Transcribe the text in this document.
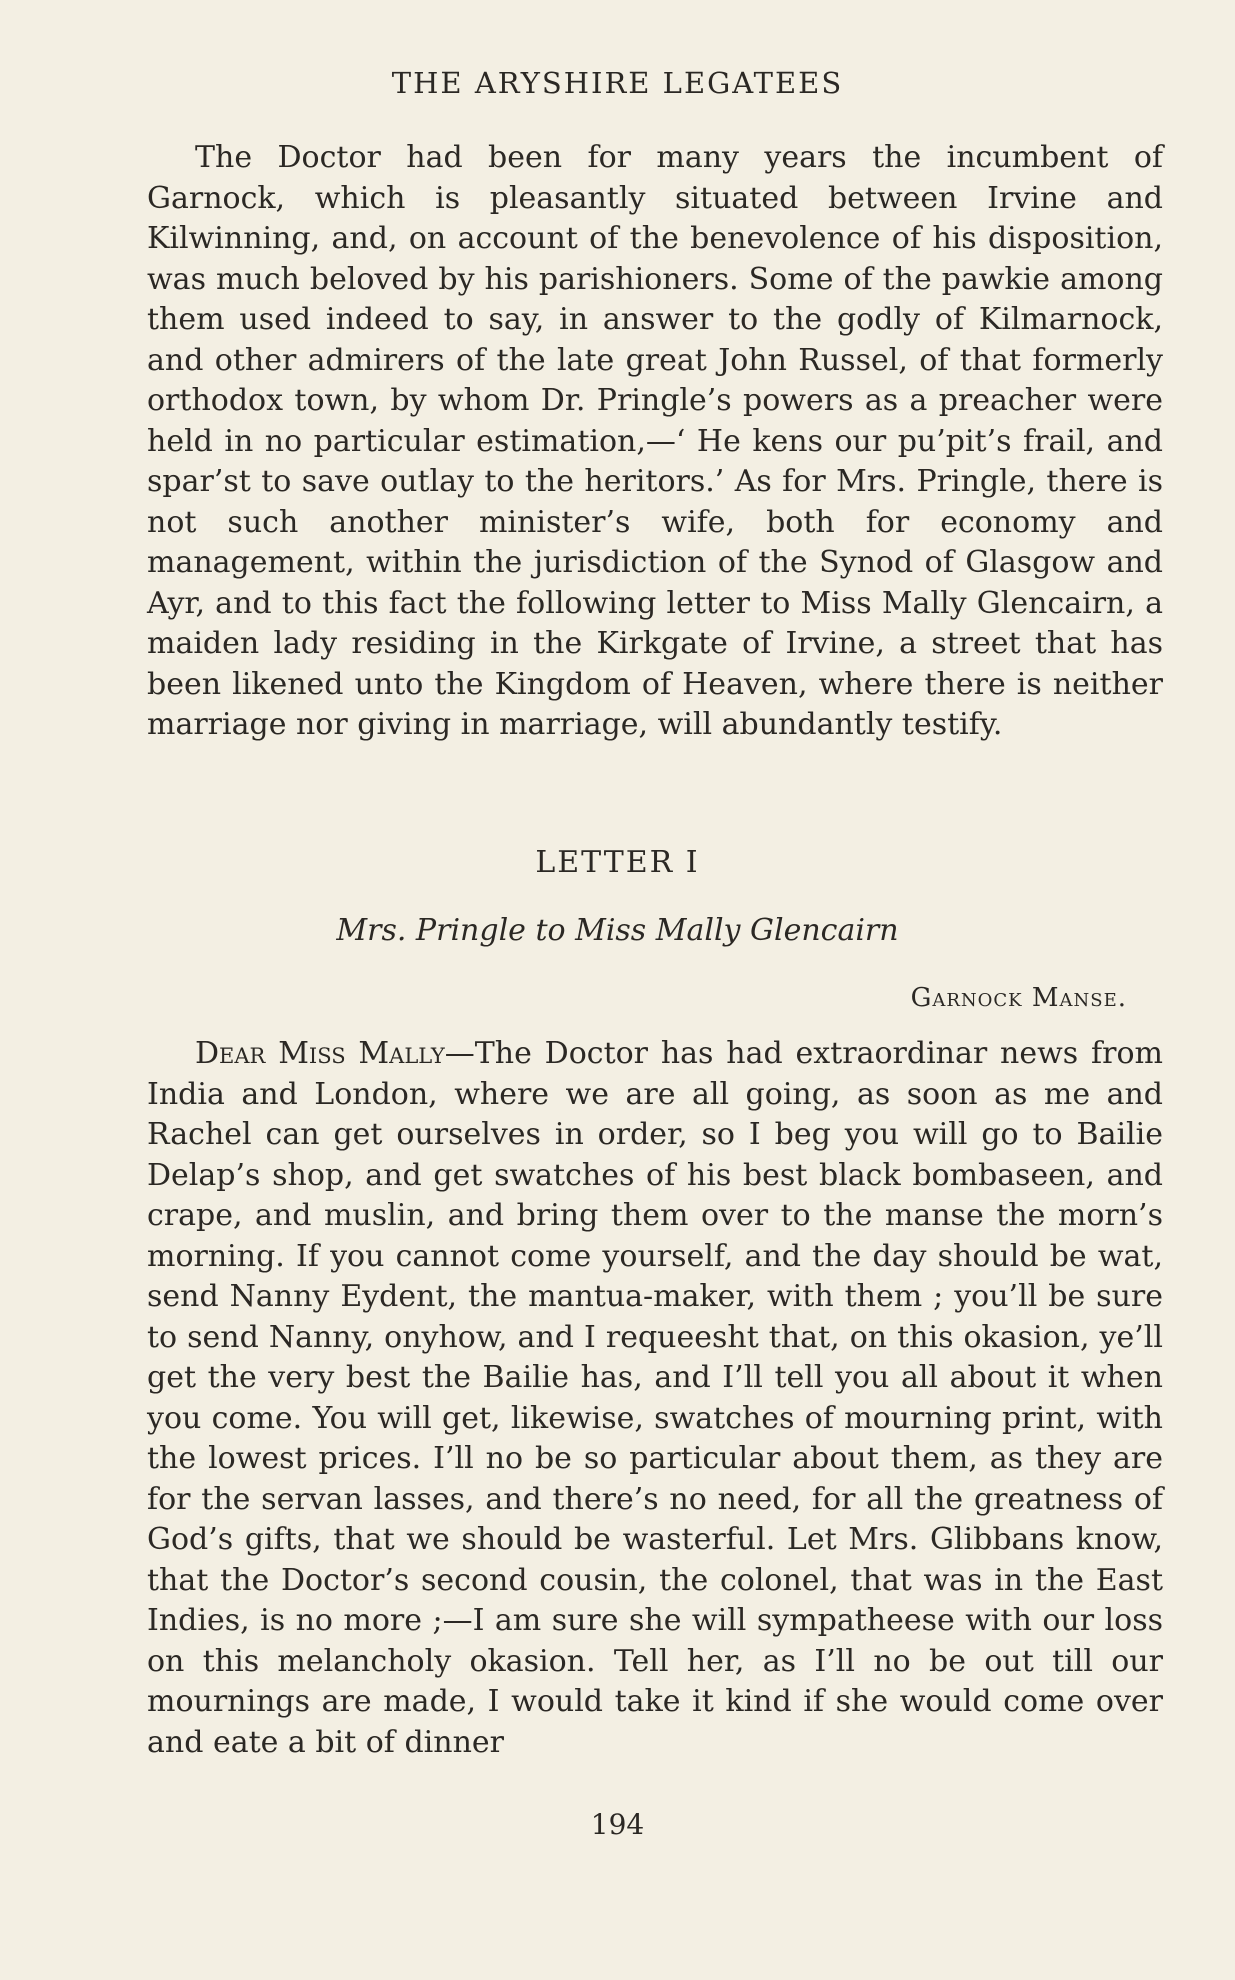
THE ARYSHIRE LEGATEES

The Doctor had been for many years the incumbent of Garnock, which is pleasantly situated between Irvine and Kilwinning, and, on account of the benevolence of his disposition, was much beloved by his parishioners. Some of the pawkie among them used indeed to say, in answer to the godly of Kilmarnock, and other admirers of the late great John Russel, of that formerly orthodox town, by whom Dr. Pringle’s powers as a preacher were held in no particular estimation,—‘ He kens our pu’pit’s frail, and spar’st to save outlay to the heritors.’ As for Mrs. Pringle, there is not such another minister’s wife, both for economy and management, within the jurisdiction of the Synod of Glasgow and Ayr, and to this fact the following letter to Miss Mally Glencairn, a maiden lady residing in the Kirkgate of Irvine, a street that has been likened unto the Kingdom of Heaven, where there is neither marriage nor giving in marriage, will abundantly testify.

LETTER I
Mrs. Pringle to Miss Mally Glencairn
Garnock Manse.

Dear Miss Mally—The Doctor has had extraordinar news from India and London, where we are all going, as soon as me and Rachel can get ourselves in order, so I beg you will go to Bailie Delap’s shop, and get swatches of his best black bombaseen, and crape, and muslin, and bring them over to the manse the morn’s morning. If you cannot come yourself, and the day should be wat, send Nanny Eydent, the mantua-maker, with them ; you’ll be sure to send Nanny, onyhow, and I requeesht that, on this okasion, ye’ll get the very best the Bailie has, and I’ll tell you all about it when you come. You will get, likewise, swatches of mourning print, with the lowest prices. I’ll no be so particular about them, as they are for the servan lasses, and there’s no need, for all the greatness of God’s gifts, that we should be wasterful. Let Mrs. Glibbans know, that the Doctor’s second cousin, the colonel, that was in the East Indies, is no more ;—I am sure she will sympatheese with our loss on this melancholy okasion. Tell her, as I’ll no be out till our mournings are made, I would take it kind if she would come over and eate a bit of dinner

194
